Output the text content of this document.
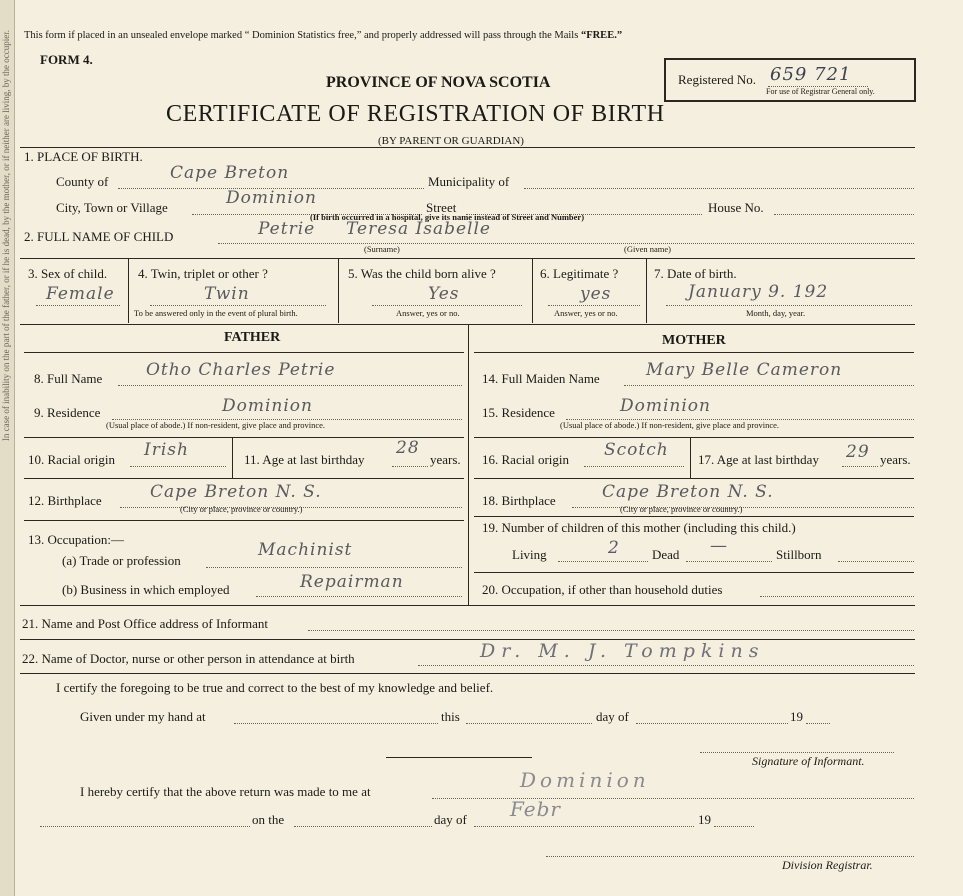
In case of inability on the part of the father, or if he is dead, by the mother, or if neither are living, by the occupier. This form if placed in an unsealed envelope marked “ Dominion Statistics free,” and properly addressed will pass through the Mails “FREE.”
FORM 4.
PROVINCE OF NOVA SCOTIA
CERTIFICATE OF REGISTRATION OF BIRTH
(BY PARENT OR GUARDIAN)
Registered No. 659 721
For use of Registrar General only.
1. PLACE OF BIRTH.
County of	Cape Breton	Municipality of
City, Town or Village	Dominion	Street	House No.
(If birth occurred in a hospital, give its name instead of Street and Number)
2. FULL NAME OF CHILD	Petrie Teresa Isabelle
(Surname)	(Given name)
3. Sex of child.
Female
4. Twin, triplet or other ?
Twin
To be answered only in the event of plural birth.
5. Was the child born alive ?
Yes
Answer, yes or no.
6. Legitimate ?
yes
Answer, yes or no.
7. Date of birth.
January 9. 192
Month, day, year.
FATHER	MOTHER
8. Full Name	Otho Charles Petrie
9. Residence	Dominion
(Usual place of abode.) If non-resident, give place and province.
10. Racial origin Irish	11. Age at last birthday
28
years.
12. Birthplace	Cape Breton N. S.
(City or place, province or country.)
13. Occupation:—
(a) Trade or profession
Machinist
(b) Business in which employed	Repairman
14. Full Maiden Name	Mary Belle Cameron
15. Residence	Dominion
(Usual place of abode.) If non-resident, give place and province.
16. Racial origin Scotch 17. Age at last birthday 29 years.
18. Birthplace	Cape Breton N. S.
(City or place, province or country.)
19. Number of children of this mother (including this child.)
Living	2 Dead —	Stillborn
20. Occupation, if other than household duties
21. Name and Post Office address of Informant
22. Name of Doctor, nurse or other person in attendance at birth	Dr. M. J. Tompkins
I certify the foregoing to be true and correct to the best of my knowledge and belief.
Given under my hand at	this	day of	19
Signature of Informant.
I hereby certify that the above return was made to me at	Dominion
on the	day of Febr	19
Division Registrar.
